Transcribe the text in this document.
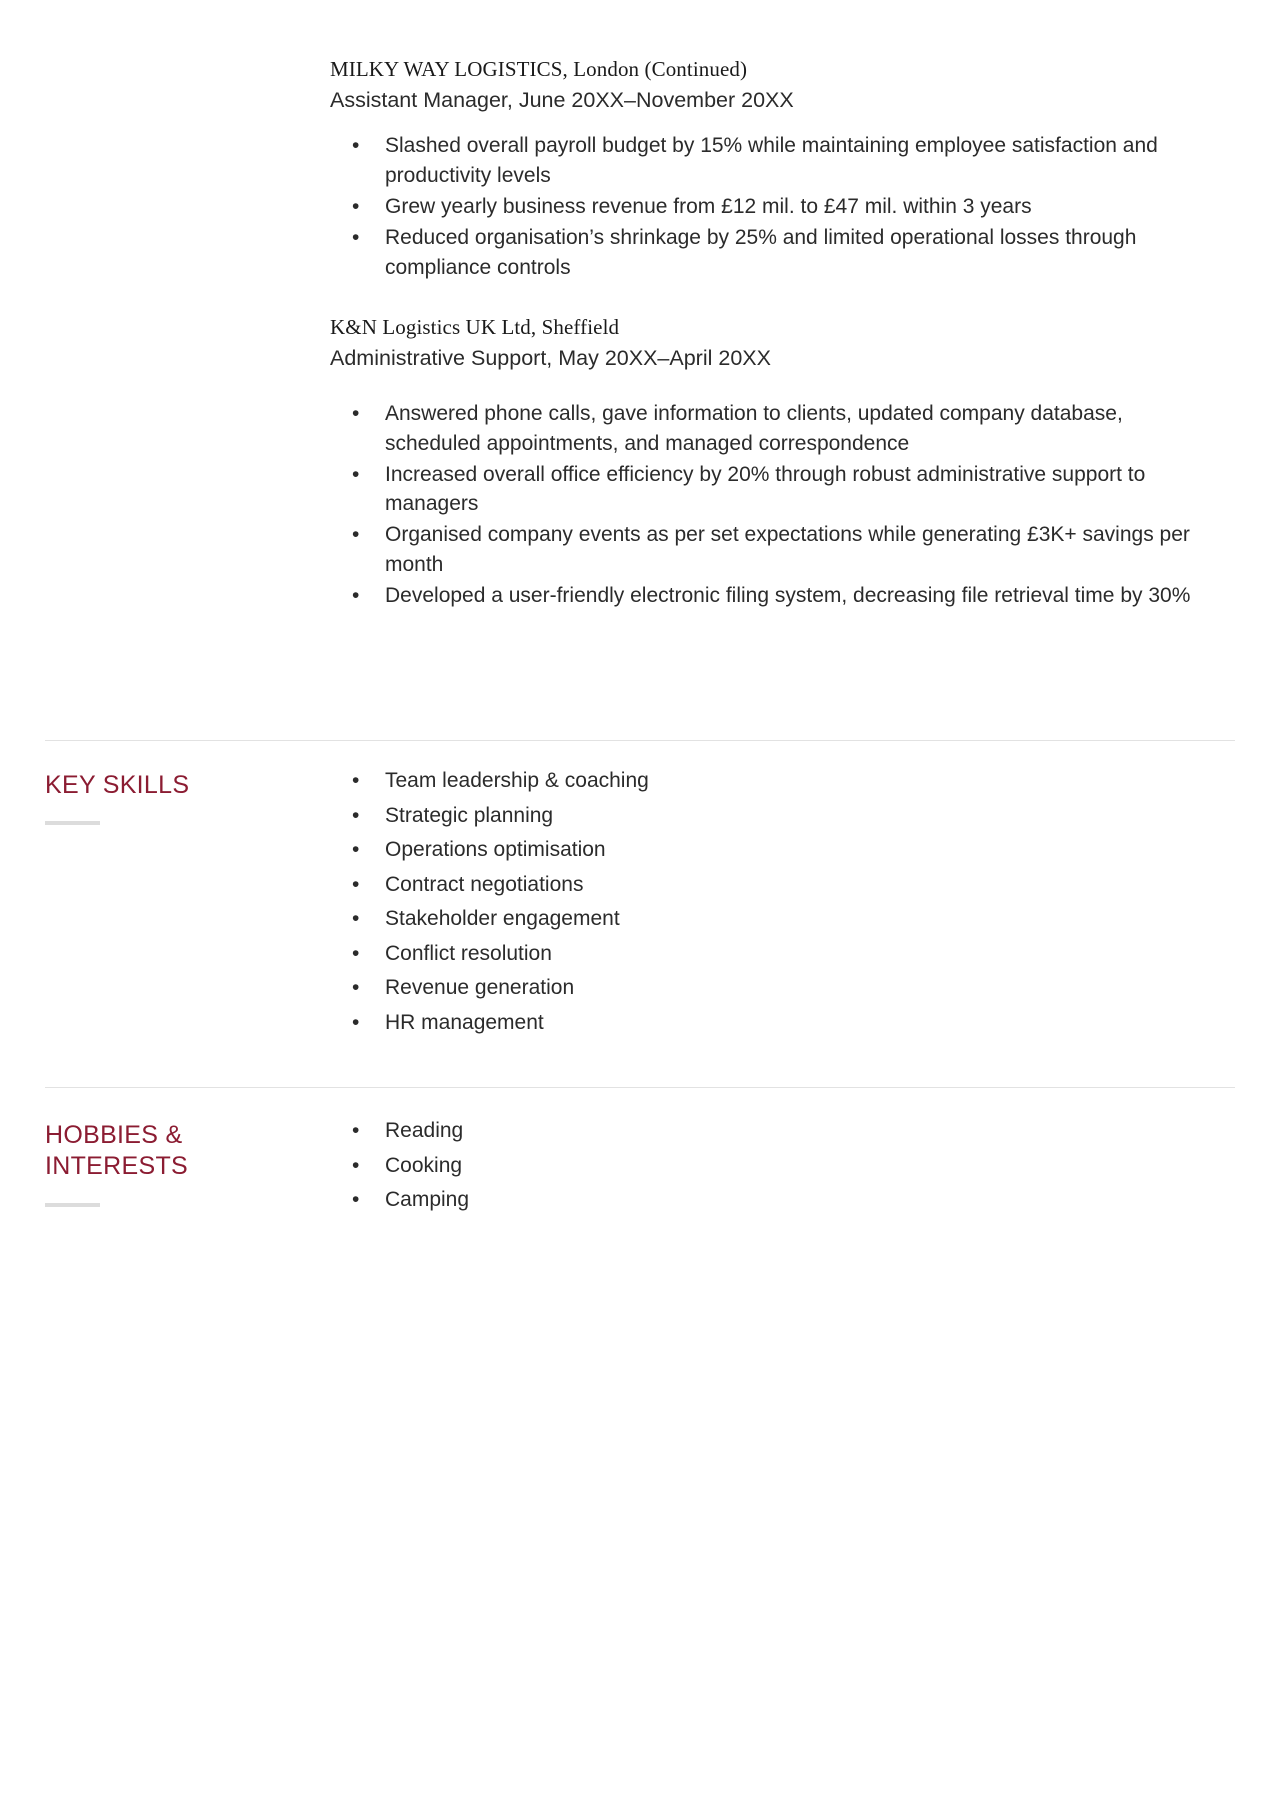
MILKY WAY LOGISTICS, London (Continued)
Assistant Manager, June 20XX–November 20XX
• Slashed overall payroll budget by 15% while maintaining employee satisfaction and productivity levels
• Grew yearly business revenue from £12 mil. to £47 mil. within 3 years
• Reduced organisation’s shrinkage by 25% and limited operational losses through compliance controls
K&N Logistics UK Ltd, Sheffield
Administrative Support, May 20XX–April 20XX
• Answered phone calls, gave information to clients, updated company database, scheduled appointments, and managed correspondence
• Increased overall office efficiency by 20% through robust administrative support to managers
• Organised company events as per set expectations while generating £3K+ savings per month
• Developed a user-friendly electronic filing system, decreasing file retrieval time by 30%
KEY SKILLS	• Team leadership & coaching
• Strategic planning
• Operations optimisation
• Contract negotiations
• Stakeholder engagement
• Conflict resolution
• Revenue generation
• HR management
HOBBIES &
INTERESTS
• Reading
• Cooking
• Camping
